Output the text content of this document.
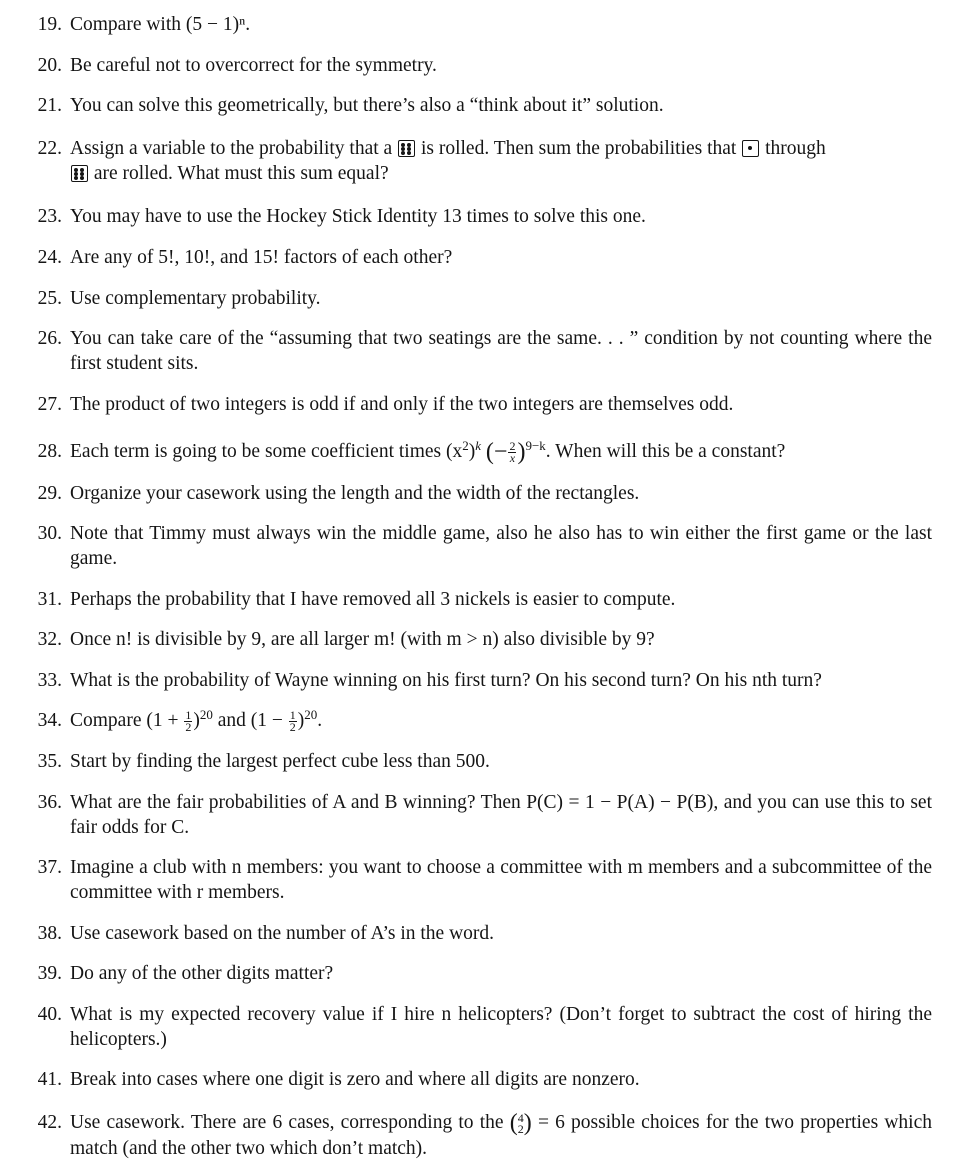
19. Compare with (5 − 1)ⁿ.
20. Be careful not to overcorrect for the symmetry.
21. You can solve this geometrically, but there’s also a “think about it” solution.
22. Assign a variable to the probability that a is rolled. Then sum the probabilities that through

are rolled. What must this sum equal?
23. You may have to use the Hockey Stick Identity 13 times to solve this one.
24. Are any of 5!, 10!, and 15! factors of each other?
25. Use complementary probability.
26. You can take care of the “assuming that two seatings are the same. . . ” condition by not counting where the first student sits.
27. The product of two integers is odd if and only if the two integers are themselves odd.
28. Each term is going to be some coefficient times $(x^2)^k$ (− $\frac{2}{x} )^{9-k}$. When will this be a constant?
29. Organize your casework using the length and the width of the rectangles.
30. Note that Timmy must always win the middle game, also he also has to win either the first game or the last game.
31. Perhaps the probability that I have removed all 3 nickels is easier to compute.
32. Once n! is divisible by 9, are all larger m! (with m > n) also divisible by 9?
33. What is the probability of Wayne winning on his first turn? On his second turn? On his nth turn?
34. Compare $(1 + \frac{1}{2} )^{20}$ and $(1 - \frac{1}{2} )^{20}$.
35. Start by finding the largest perfect cube less than 500.
36. What are the fair probabilities of A and B winning? Then P(C) = 1 − P(A) − P(B), and you can use this to set fair odds for C.
37. Imagine a club with n members: you want to choose a committee with m members and a subcommittee of the committee with r members.
38. Use casework based on the number of A’s in the word.
39. Do any of the other digits matter?
40. What is my expected recovery value if I hire n helicopters? (Don’t forget to subtract the cost of hiring the helicopters.)
41. Break into cases where one digit is zero and where all digits are nonzero.
42. Use casework. There are 6 cases, corresponding to the ( 4
2 ) = 6 possible choices for the two properties which match (and the other two which don’t match).
